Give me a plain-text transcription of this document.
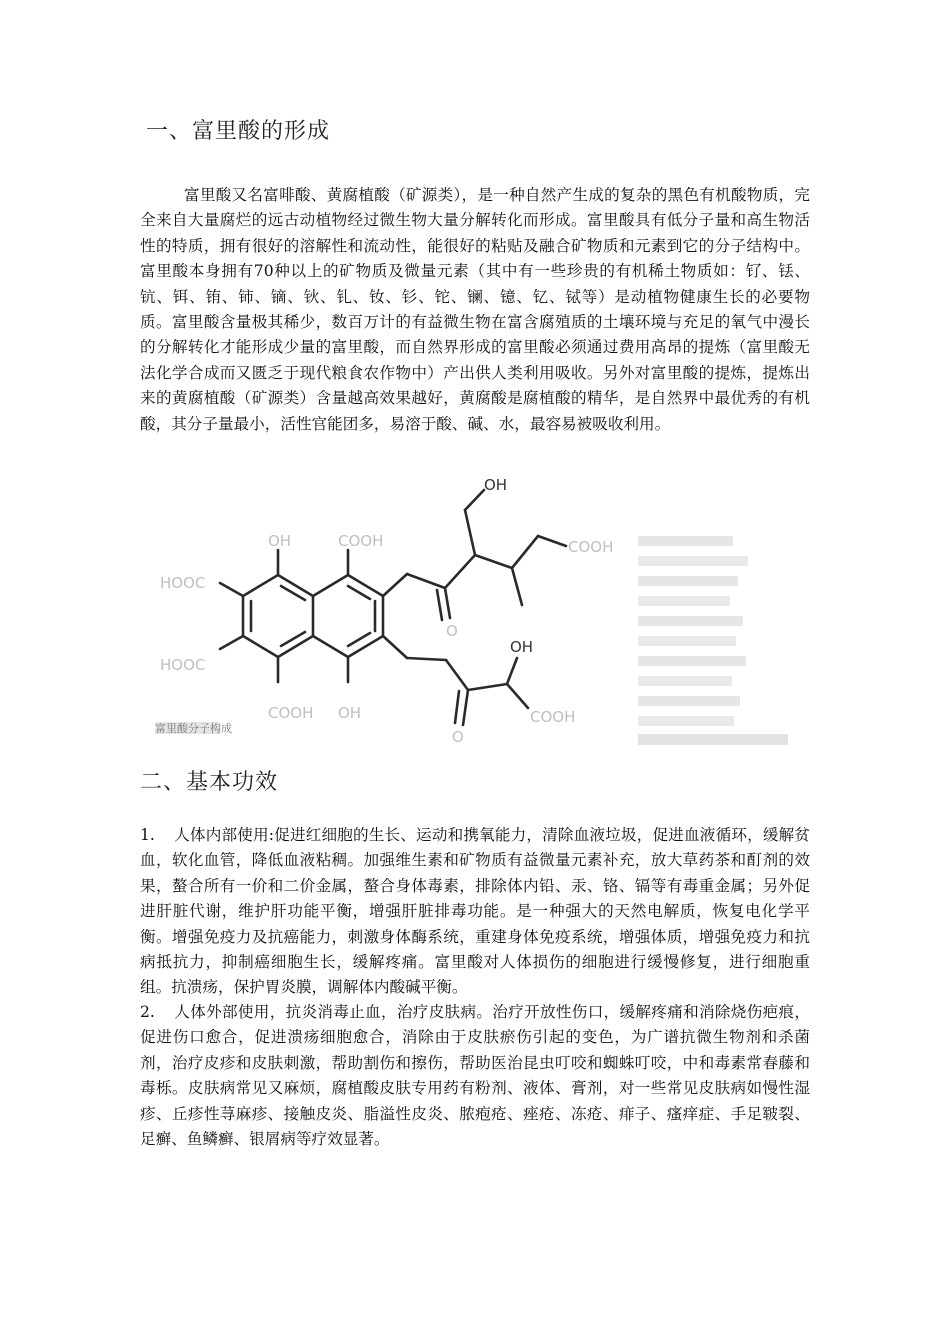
一、富里酸的形成
富里酸又名富啡酸、黄腐植酸（矿源类），是一种自然产生成的复杂的黑色有机酸物质，完全来自大量腐烂的远古动植物经过微生物大量分解转化而形成。富里酸具有低分子量和高生物活性的特质，拥有很好的溶解性和流动性，能很好的粘贴及融合矿物质和元素到它的分子结构中。富里酸本身拥有70种以上的矿物质及微量元素（其中有一些珍贵的有机稀土物质如：钌、铥、钪、铒、铕、铈、镝、钬、钆、钕、钐、铊、镧、镱、钇、铽等）是动植物健康生长的必要物质。富里酸含量极其稀少，数百万计的有益微生物在富含腐殖质的土壤环境与充足的氧气中漫长的分解转化才能形成少量的富里酸，而自然界形成的富里酸必须通过费用高昂的提炼（富里酸无法化学合成而又匮乏于现代粮食农作物中）产出供人类利用吸收。另外对富里酸的提炼，提炼出来的黄腐植酸（矿源类）含量越高效果越好，黄腐酸是腐植酸的精华，是自然界中最优秀的有机酸，其分子量最小，活性官能团多，易溶于酸、碱、水，最容易被吸收利用。
OH	COOH
HOOC
HOOC
COOH OH
OH
COOH
O
OH
COOH
O
富里酸分子构成
二、基本功效
1. 人体内部使用:促进红细胞的生长、运动和携氧能力，清除血液垃圾，促进血液循环，缓解贫血，软化血管，降低血液粘稠。加强维生素和矿物质有益微量元素补充，放大草药茶和酊剂的效果，螯合所有一价和二价金属，螯合身体毒素，排除体内铅、汞、铬、镉等有毒重金属；另外促进肝脏代谢，维护肝功能平衡，增强肝脏排毒功能。是一种强大的天然电解质，恢复电化学平衡。增强免疫力及抗癌能力，刺激身体酶系统，重建身体免疫系统，增强体质，增强免疫力和抗病抵抗力，抑制癌细胞生长，缓解疼痛。富里酸对人体损伤的细胞进行缓慢修复，进行细胞重组。抗溃疡，保护胃炎膜，调解体内酸碱平衡。
2. 人体外部使用，抗炎消毒止血，治疗皮肤病。治疗开放性伤口，缓解疼痛和消除烧伤疤痕，促进伤口愈合，促进溃疡细胞愈合，消除由于皮肤瘀伤引起的变色，为广谱抗微生物剂和杀菌剂，治疗皮疹和皮肤刺激，帮助割伤和擦伤，帮助医治昆虫叮咬和蜘蛛叮咬，中和毒素常春藤和毒栎。皮肤病常见又麻烦，腐植酸皮肤专用药有粉剂、液体、膏剂，对一些常见皮肤病如慢性湿疹、丘疹性荨麻疹、接触皮炎、脂溢性皮炎、脓疱疮、痤疮、冻疮、痱子、瘙痒症、手足皲裂、足癣、鱼鳞癣、银屑病等疗效显著。
